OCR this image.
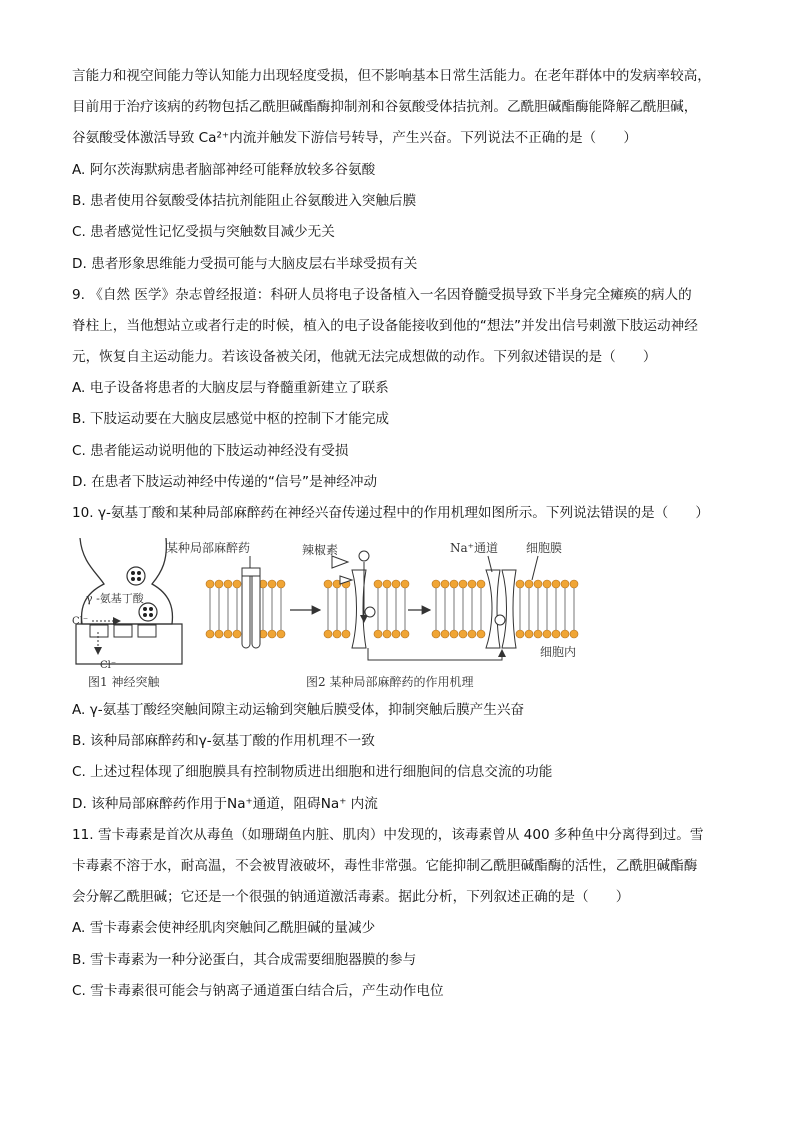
言能力和视空间能力等认知能力出现轻度受损，但不影响基本日常生活能力。在老年群体中的发病率较高，
目前用于治疗该病的药物包括乙酰胆碱酯酶抑制剂和谷氨酸受体拮抗剂。乙酰胆碱酯酶能降解乙酰胆碱，
谷氨酸受体激活导致 Ca²⁺内流并触发下游信号转导，产生兴奋。下列说法不正确的是（　　）
A. 阿尔茨海默病患者脑部神经可能释放较多谷氨酸
B. 患者使用谷氨酸受体拮抗剂能阻止谷氨酸进入突触后膜
C. 患者感觉性记忆受损与突触数目减少无关
D. 患者形象思维能力受损可能与大脑皮层右半球受损有关
9. 《自然 医学》杂志曾经报道：科研人员将电子设备植入一名因脊髓受损导致下半身完全瘫痪的病人的
脊柱上，当他想站立或者行走的时候，植入的电子设备能接收到他的“想法”并发出信号刺激下肢运动神经
元，恢复自主运动能力。若该设备被关闭，他就无法完成想做的动作。下列叙述错误的是（　　）
A. 电子设备将患者的大脑皮层与脊髓重新建立了联系
B. 下肢运动要在大脑皮层感觉中枢的控制下才能完成
C. 患者能运动说明他的下肢运动神经没有受损
D. 在患者下肢运动神经中传递的“信号”是神经冲动
10. γ-氨基丁酸和某种局部麻醉药在神经兴奋传递过程中的作用机理如图所示。下列说法错误的是（　　）
γ -氨基丁酸
Cl⁻
Cl⁻
图1 神经突触
某种局部麻醉药	辣椒素	Na⁺通道 细胞膜
细胞内
图2 某种局部麻醉药的作用机理
A. γ-氨基丁酸经突触间隙主动运输到突触后膜受体，抑制突触后膜产生兴奋
B. 该种局部麻醉药和γ-氨基丁酸的作用机理不一致
C. 上述过程体现了细胞膜具有控制物质进出细胞和进行细胞间的信息交流的功能
D. 该种局部麻醉药作用于Na⁺通道，阻碍Na⁺ 内流
11. 雪卡毒素是首次从毒鱼（如珊瑚鱼内脏、肌肉）中发现的，该毒素曾从 400 多种鱼中分离得到过。雪
卡毒素不溶于水，耐高温，不会被胃液破坏，毒性非常强。它能抑制乙酰胆碱酯酶的活性，乙酰胆碱酯酶
会分解乙酰胆碱；它还是一个很强的钠通道激活毒素。据此分析，下列叙述正确的是（　　）
A. 雪卡毒素会使神经肌肉突触间乙酰胆碱的量减少
B. 雪卡毒素为一种分泌蛋白，其合成需要细胞器膜的参与
C. 雪卡毒素很可能会与钠离子通道蛋白结合后，产生动作电位
